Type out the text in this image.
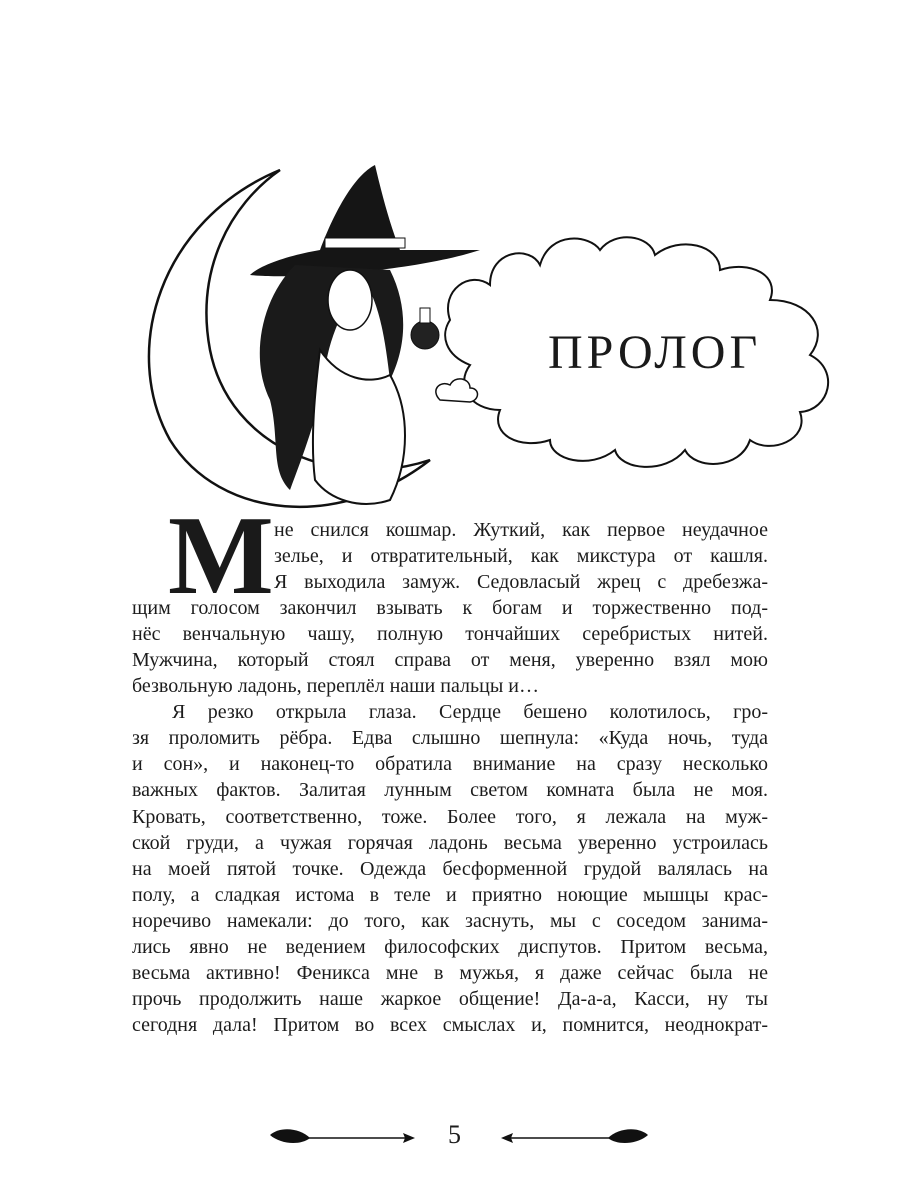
ПРОЛОГ
М не снился кошмар. Жуткий, как первое неудачное
зелье, и отвратительный, как микстура от кашля.
Я выходила замуж. Седовласый жрец с дребезжа-
щим голосом закончил взывать к богам и торжественно под-
нёс венчальную чашу, полную тончайших серебристых нитей.
Мужчина, который стоял справа от меня, уверенно взял мою
безвольную ладонь, переплёл наши пальцы и…
Я резко открыла глаза. Сердце бешено колотилось, гро-
зя проломить рёбра. Едва слышно шепнула: «Куда ночь, туда
и сон», и наконец-то обратила внимание на сразу несколько
важных фактов. Залитая лунным светом комната была не моя.
Кровать, соответственно, тоже. Более того, я лежала на муж-
ской груди, а чужая горячая ладонь весьма уверенно устроилась
на моей пятой точке. Одежда бесформенной грудой валялась на
полу, а сладкая истома в теле и приятно ноющие мышцы крас-
норечиво намекали: до того, как заснуть, мы с соседом занима-
лись явно не ведением философских диспутов. Притом весьма,
весьма активно! Феникса мне в мужья, я даже сейчас была не
прочь продолжить наше жаркое общение! Да-а-а, Касси, ну ты
сегодня дала! Притом во всех смыслах и, помнится, неоднократ-
5
